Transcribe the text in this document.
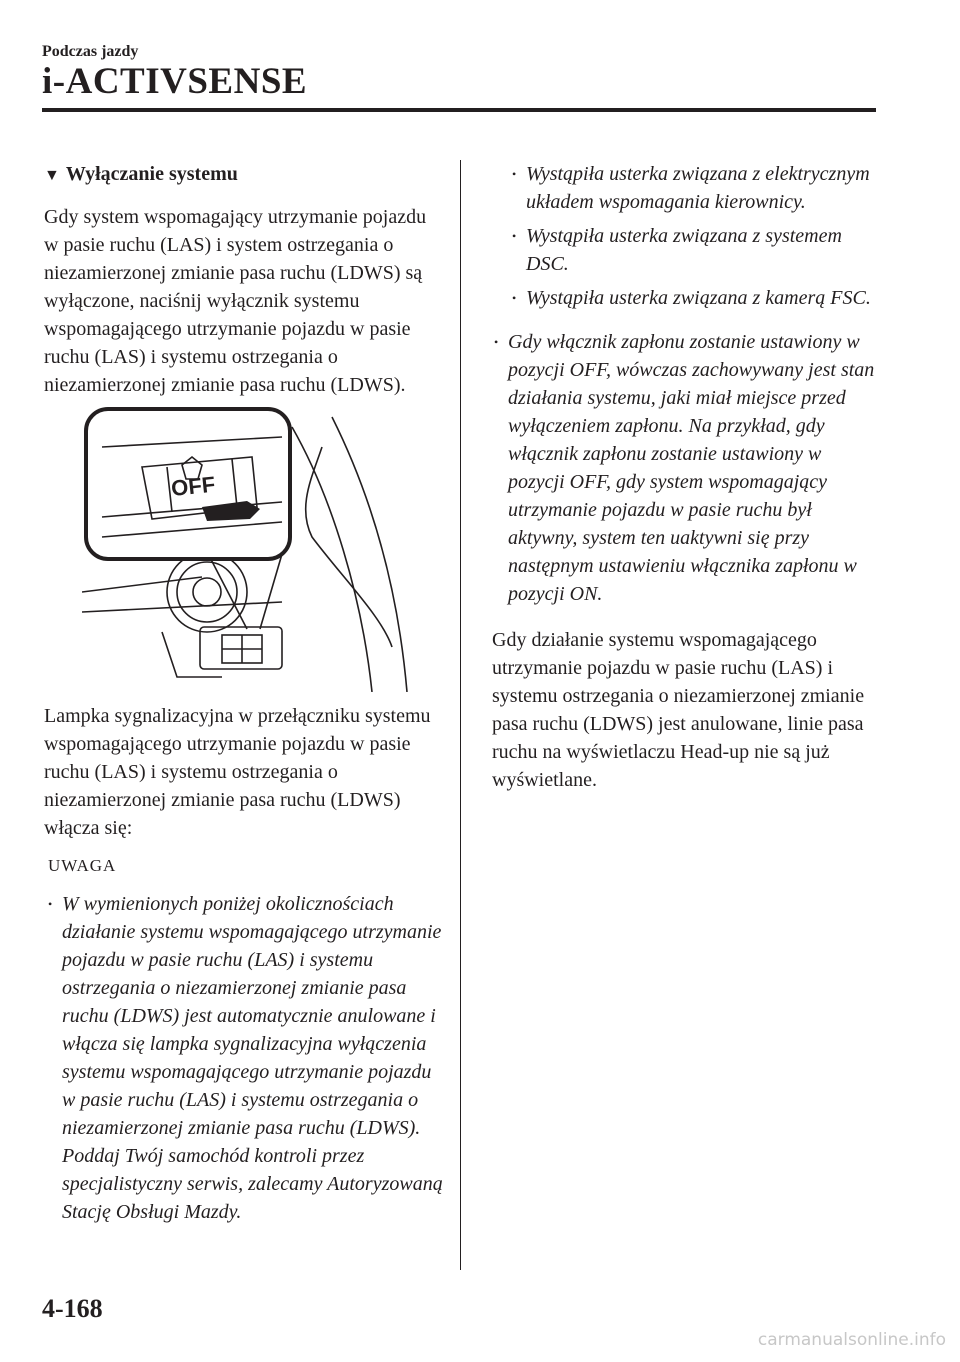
Podczas jazdy
i-ACTIVSENSE

▼ Wyłączanie systemu

Gdy system wspomagający utrzymanie pojazdu w pasie ruchu (LAS) i system ostrzegania o niezamierzonej zmianie pasa ruchu (LDWS) są wyłączone, naciśnij wyłącznik systemu wspomagającego utrzymanie pojazdu w pasie ruchu (LAS) i systemu ostrzegania o niezamierzonej zmianie pasa ruchu (LDWS).

OFF

Lampka sygnalizacyjna w przełączniku systemu wspomagającego utrzymanie pojazdu w pasie ruchu (LAS) i systemu ostrzegania o niezamierzonej zmianie pasa ruchu (LDWS) włącza się:

UWAGA
• W wymienionych poniżej okolicznościach działanie systemu wspomagającego utrzymanie pojazdu w pasie ruchu (LAS) i systemu ostrzegania o niezamierzonej zmianie pasa ruchu (LDWS) jest automatycznie anulowane i włącza się lampka sygnalizacyjna wyłączenia systemu wspomagającego utrzymanie pojazdu w pasie ruchu (LAS) i systemu ostrzegania o niezamierzonej zmianie pasa ruchu (LDWS). Poddaj Twój samochód kontroli przez specjalistyczny serwis, zalecamy Autoryzowaną Stację Obsługi Mazdy.
• Wystąpiła usterka związana z elektrycznym układem wspomagania kierownicy.
• Wystąpiła usterka związana z systemem DSC.
• Wystąpiła usterka związana z kamerą FSC.
• Gdy włącznik zapłonu zostanie ustawiony w pozycji OFF, wówczas zachowywany jest stan działania systemu, jaki miał miejsce przed wyłączeniem zapłonu. Na przykład, gdy włącznik zapłonu zostanie ustawiony w pozycji OFF, gdy system wspomagający utrzymanie pojazdu w pasie ruchu był aktywny, system ten uaktywni się przy następnym ustawieniu włącznika zapłonu w pozycji ON.

Gdy działanie systemu wspomagającego utrzymanie pojazdu w pasie ruchu (LAS) i systemu ostrzegania o niezamierzonej zmianie pasa ruchu (LDWS) jest anulowane, linie pasa ruchu na wyświetlaczu Head-up nie są już wyświetlane.

4-168
carmanualsonline.info
